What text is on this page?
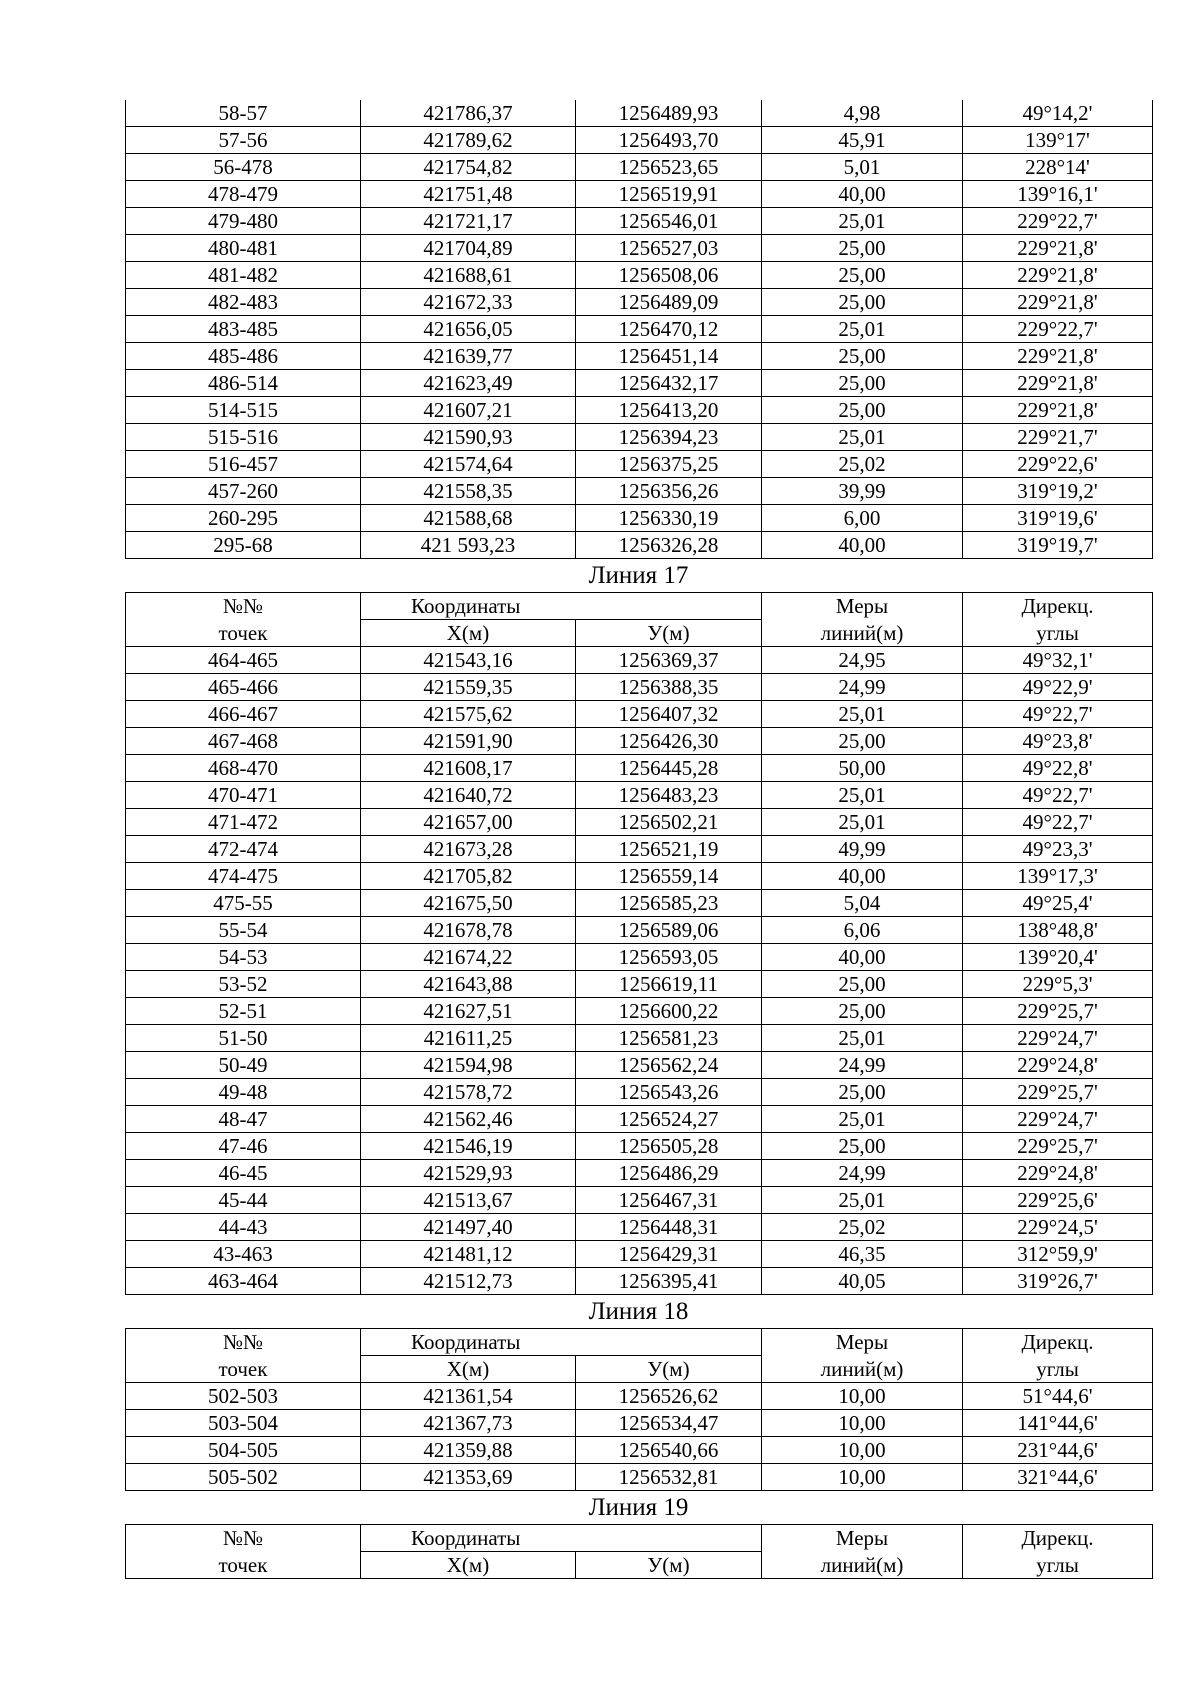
58-57	421786,37	1256489,93	4,98	49°14,2'
57-56	421789,62	1256493,70	45,91	139°17'
56-478	421754,82	1256523,65	5,01	228°14'
478-479	421751,48	1256519,91	40,00	139°16,1'
479-480	421721,17	1256546,01	25,01	229°22,7'
480-481	421704,89	1256527,03	25,00	229°21,8'
481-482	421688,61	1256508,06	25,00	229°21,8'
482-483	421672,33	1256489,09	25,00	229°21,8'
483-485	421656,05	1256470,12	25,01	229°22,7'
485-486	421639,77	1256451,14	25,00	229°21,8'
486-514	421623,49	1256432,17	25,00	229°21,8'
514-515	421607,21	1256413,20	25,00	229°21,8'
515-516	421590,93	1256394,23	25,01	229°21,7'
516-457	421574,64	1256375,25	25,02	229°22,6'
457-260	421558,35	1256356,26	39,99	319°19,2'
260-295	421588,68	1256330,19	6,00	319°19,6'
295-68	421 593,23	1256326,28	40,00	319°19,7'
Линия 17
№№	Координаты		Меры	Дирекц.
точек	Х(м)	У(м)	линий(м)	углы
464-465	421543,16	1256369,37	24,95	49°32,1'
465-466	421559,35	1256388,35	24,99	49°22,9'
466-467	421575,62	1256407,32	25,01	49°22,7'
467-468	421591,90	1256426,30	25,00	49°23,8'
468-470	421608,17	1256445,28	50,00	49°22,8'
470-471	421640,72	1256483,23	25,01	49°22,7'
471-472	421657,00	1256502,21	25,01	49°22,7'
472-474	421673,28	1256521,19	49,99	49°23,3'
474-475	421705,82	1256559,14	40,00	139°17,3'
475-55	421675,50	1256585,23	5,04	49°25,4'
55-54	421678,78	1256589,06	6,06	138°48,8'
54-53	421674,22	1256593,05	40,00	139°20,4'
53-52	421643,88	1256619,11	25,00	229°5,3'
52-51	421627,51	1256600,22	25,00	229°25,7'
51-50	421611,25	1256581,23	25,01	229°24,7'
50-49	421594,98	1256562,24	24,99	229°24,8'
49-48	421578,72	1256543,26	25,00	229°25,7'
48-47	421562,46	1256524,27	25,01	229°24,7'
47-46	421546,19	1256505,28	25,00	229°25,7'
46-45	421529,93	1256486,29	24,99	229°24,8'
45-44	421513,67	1256467,31	25,01	229°25,6'
44-43	421497,40	1256448,31	25,02	229°24,5'
43-463	421481,12	1256429,31	46,35	312°59,9'
463-464	421512,73	1256395,41	40,05	319°26,7'
Линия 18
№№	Координаты		Меры	Дирекц.
точек	Х(м)	У(м)	линий(м)	углы
502-503	421361,54	1256526,62	10,00	51°44,6'
503-504	421367,73	1256534,47	10,00	141°44,6'
504-505	421359,88	1256540,66	10,00	231°44,6'
505-502	421353,69	1256532,81	10,00	321°44,6'
Линия 19
№№	Координаты		Меры	Дирекц.
точек	Х(м)	У(м)	линий(м)	углы
